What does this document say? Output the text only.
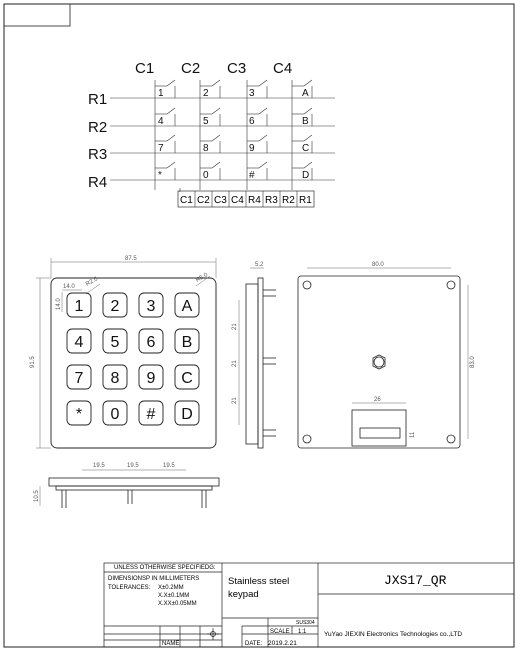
C1 C2 C3 C4
R1
R2
R3
R4
1	2	3	A
4	5	6	B
7	8	9	C
*	0	#	D
C1 C2 C3 C4 R4 R3 R2 R1
87.5
91.5
14.0
14.0
R2.0	R5.0
1 2 3 A
4 5 6 B
7 8 9 C
* 0 # D
5.2
21
21
21
80.0
83.0
26
11
19.5	19.5	19.5
10.5
UNLESS OTHERWISE SPECIFIEDG:
DIMENSIONSP IN MILLIMETERS
TOLERANCES: X±0.2MM
X.X±0.1MM
X.XX±0.05MM
Stainless steel
keypad
JXS17_QR
SUS304
SCALE 1:1
NAME	DATE: 2019.2.21
YuYao JIEXIN Electronics Technologies co.,LTD
